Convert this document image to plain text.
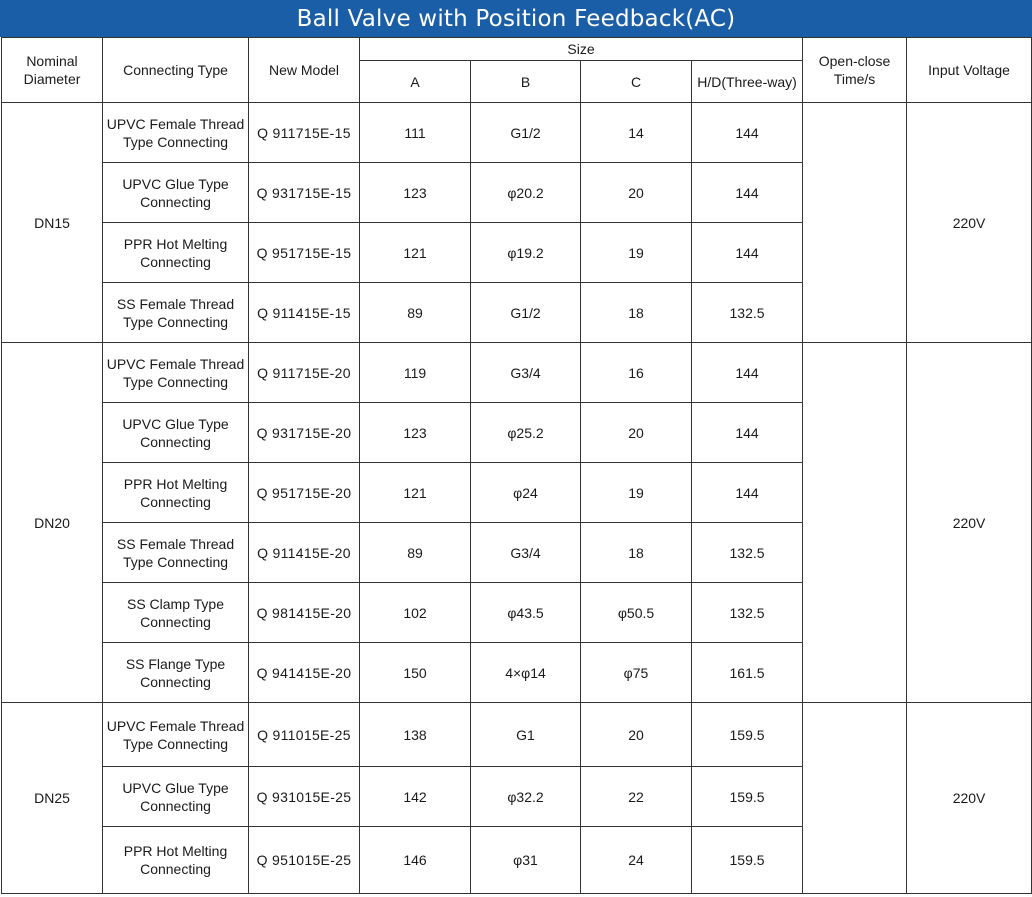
Ball Valve with Position Feedback(AC)
Nominal Diameter	Connecting Type	New Model	Size				Open-close Time/s	Input Voltage
			A	B	C	H/D(Three-way)		
DN15	UPVC Female Thread Type Connecting	Q 911715E-15	111	G1/2	14	144		220V
	UPVC Glue Type Connecting	Q 931715E-15	123	φ20.2	20	144		
	PPR Hot Melting Connecting	Q 951715E-15	121	φ19.2	19	144		
	SS Female Thread Type Connecting	Q 911415E-15	89	G1/2	18	132.5		
DN20	UPVC Female Thread Type Connecting	Q 911715E-20	119	G3/4	16	144		220V
	UPVC Glue Type Connecting	Q 931715E-20	123	φ25.2	20	144		
	PPR Hot Melting Connecting	Q 951715E-20	121	φ24	19	144		
	SS Female Thread Type Connecting	Q 911415E-20	89	G3/4	18	132.5		
	SS Clamp Type Connecting	Q 981415E-20	102	φ43.5	φ50.5	132.5		
	SS Flange Type Connecting	Q 941415E-20	150	4×φ14	φ75	161.5		
DN25	UPVC Female Thread Type Connecting	Q 911015E-25	138	G1	20	159.5		220V
	UPVC Glue Type Connecting	Q 931015E-25	142	φ32.2	22	159.5		
	PPR Hot Melting Connecting	Q 951015E-25	146	φ31	24	159.5		
